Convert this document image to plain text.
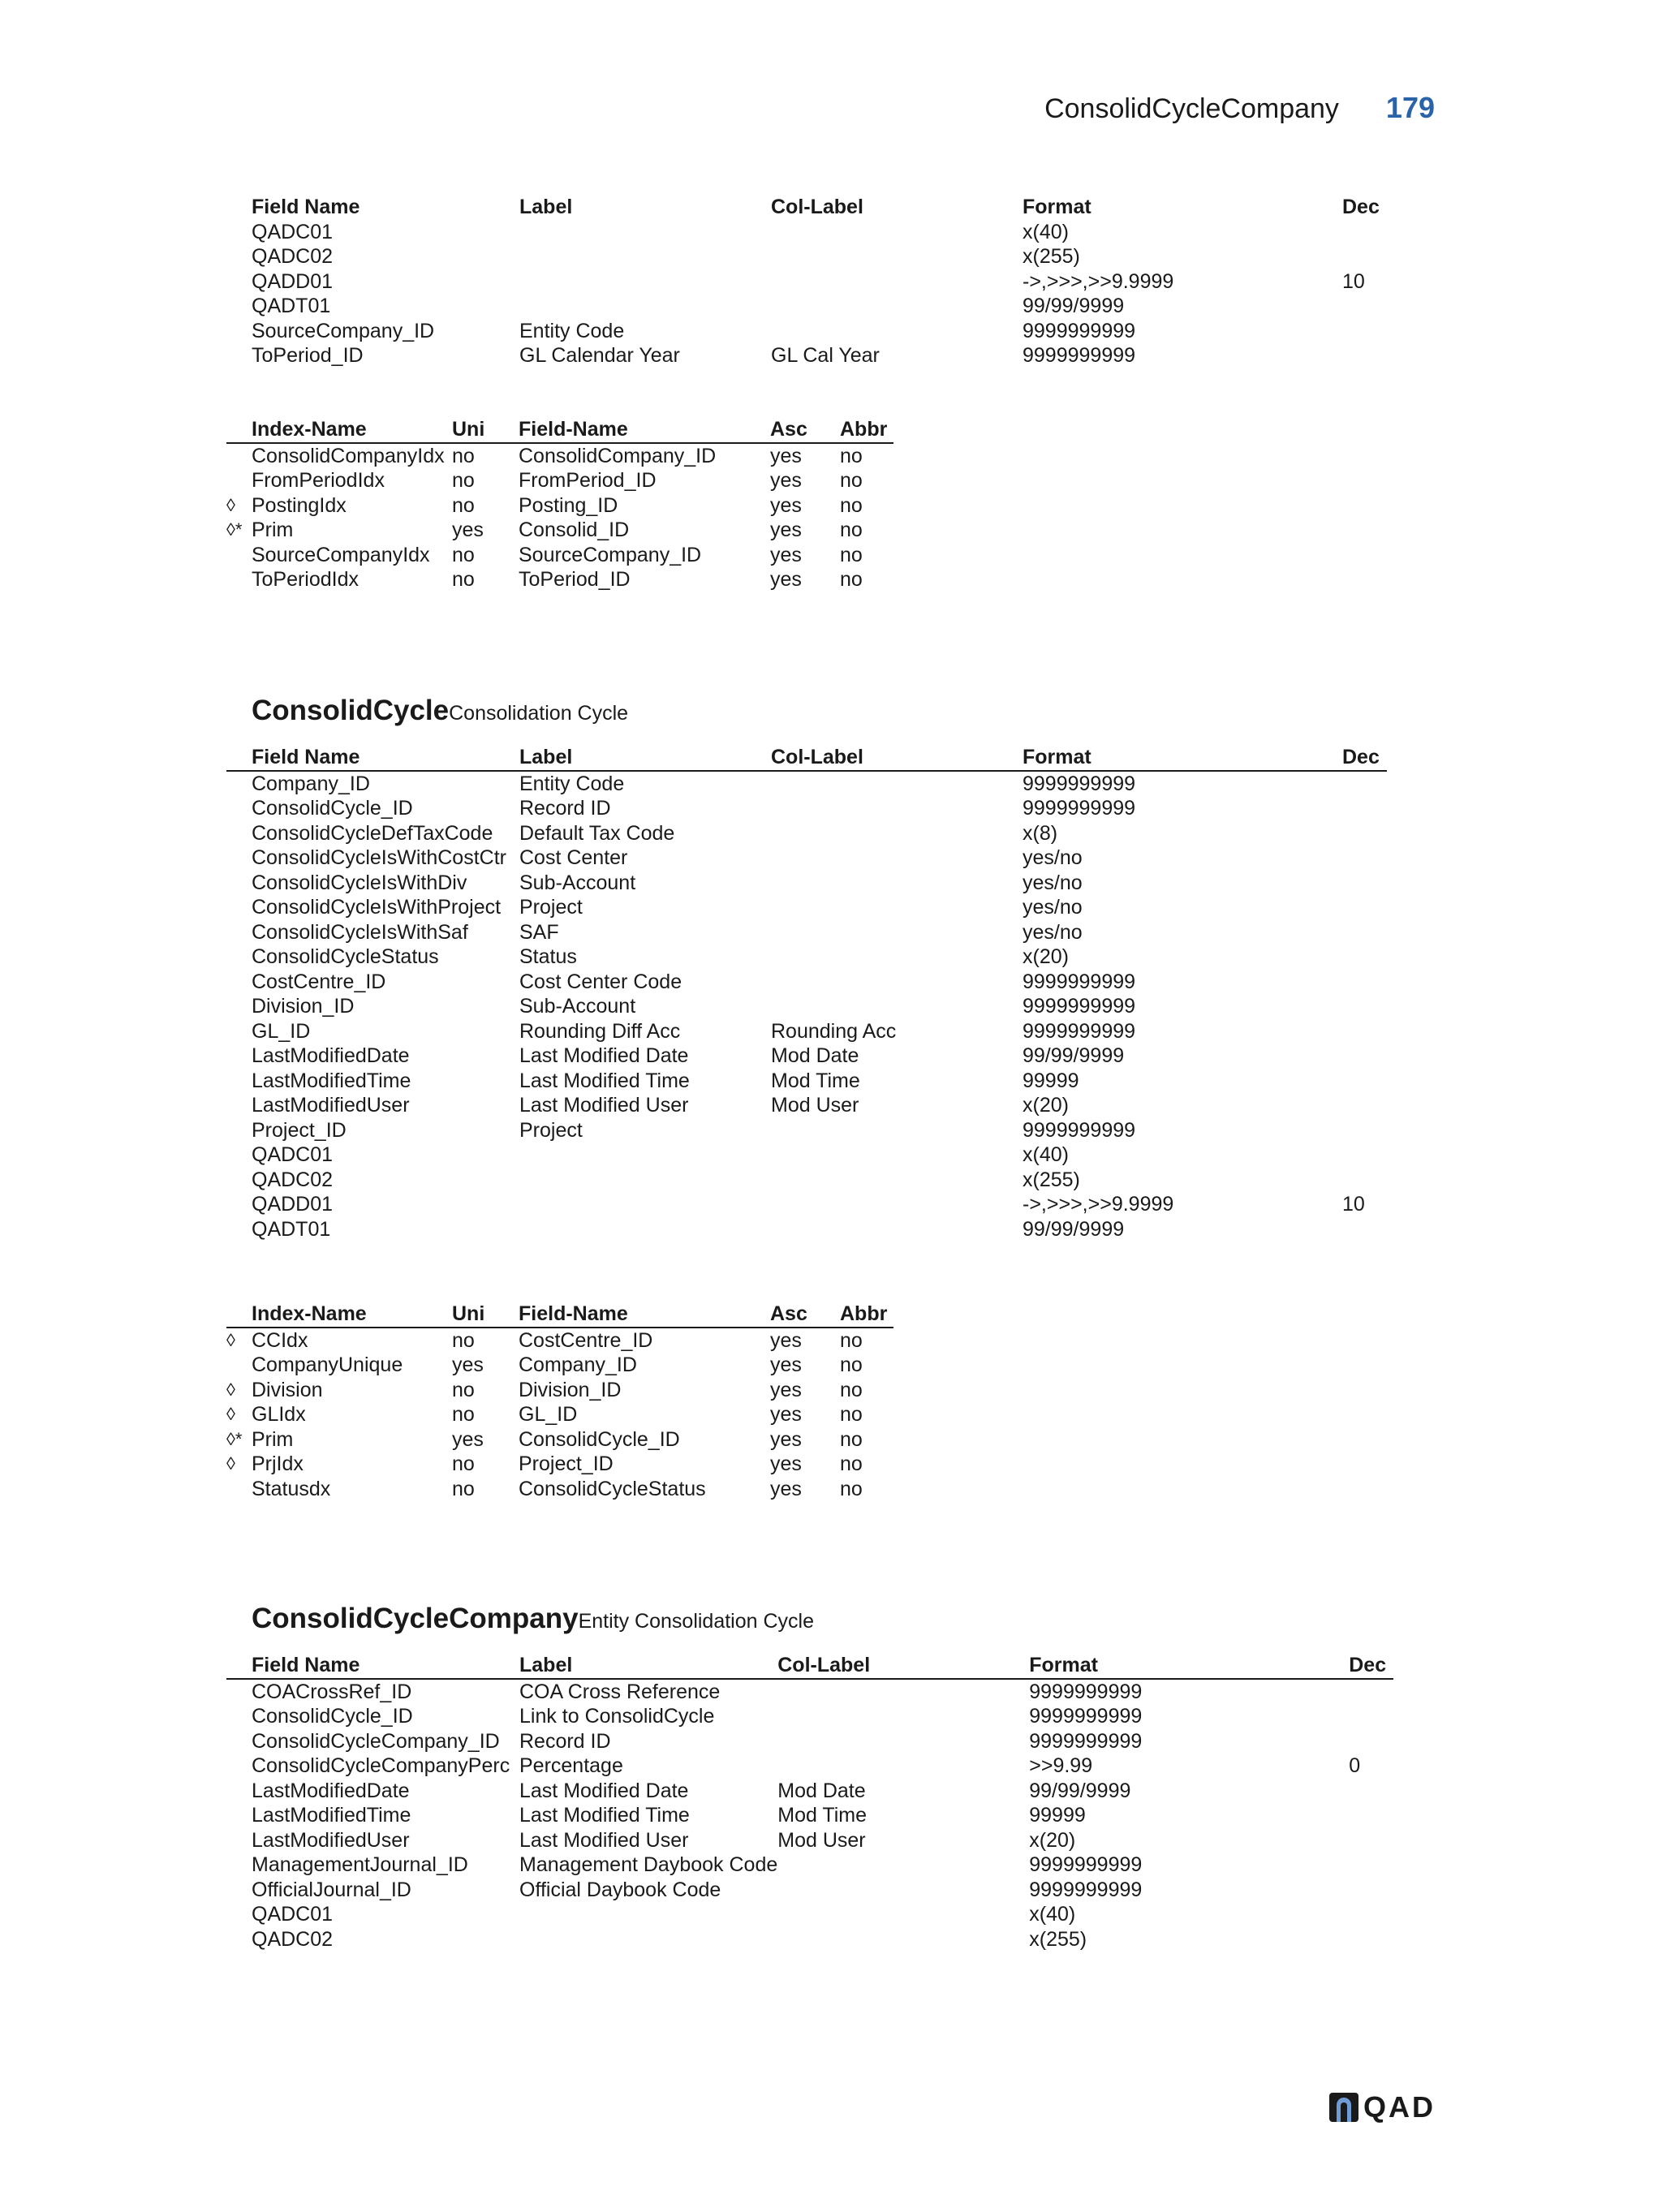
ConsolidCycleCompany 179
	Field Name	Label	Col-Label	Format	Dec
	QADC01			x(40)	
	QADC02			x(255)	
	QADD01			->,>>>,>>9.9999	10
	QADT01			99/99/9999	
	SourceCompany_ID	Entity Code		9999999999	
	ToPeriod_ID	GL Calendar Year	GL Cal Year	9999999999	
	Index-Name	Uni	Field-Name	Asc	Abbr
	ConsolidCompanyIdx	no	ConsolidCompany_ID	yes	no
	FromPeriodIdx	no	FromPeriod_ID	yes	no
◊	PostingIdx	no	Posting_ID	yes	no
◊*	Prim	yes	Consolid_ID	yes	no
	SourceCompanyIdx	no	SourceCompany_ID	yes	no
	ToPeriodIdx	no	ToPeriod_ID	yes	no
ConsolidCycleConsolidation Cycle
	Field Name	Label	Col-Label	Format	Dec
	Company_ID	Entity Code		9999999999	
	ConsolidCycle_ID	Record ID		9999999999	
	ConsolidCycleDefTaxCode	Default Tax Code		x(8)	
	ConsolidCycleIsWithCostCtr	Cost Center		yes/no	
	ConsolidCycleIsWithDiv	Sub-Account		yes/no	
	ConsolidCycleIsWithProject	Project		yes/no	
	ConsolidCycleIsWithSaf	SAF		yes/no	
	ConsolidCycleStatus	Status		x(20)	
	CostCentre_ID	Cost Center Code		9999999999	
	Division_ID	Sub-Account		9999999999	
	GL_ID	Rounding Diff Acc	Rounding Acc	9999999999	
	LastModifiedDate	Last Modified Date	Mod Date	99/99/9999	
	LastModifiedTime	Last Modified Time	Mod Time	99999	
	LastModifiedUser	Last Modified User	Mod User	x(20)	
	Project_ID	Project		9999999999	
	QADC01			x(40)	
	QADC02			x(255)	
	QADD01			->,>>>,>>9.9999	10
	QADT01			99/99/9999	
	Index-Name	Uni	Field-Name	Asc	Abbr
◊	CCIdx	no	CostCentre_ID	yes	no
	CompanyUnique	yes	Company_ID	yes	no
◊	Division	no	Division_ID	yes	no
◊	GLIdx	no	GL_ID	yes	no
◊*	Prim	yes	ConsolidCycle_ID	yes	no
◊	PrjIdx	no	Project_ID	yes	no
	Statusdx	no	ConsolidCycleStatus	yes	no
ConsolidCycleCompanyEntity Consolidation Cycle
	Field Name	Label	Col-Label	Format	Dec
	COACrossRef_ID	COA Cross Reference		9999999999	
	ConsolidCycle_ID	Link to ConsolidCycle		9999999999	
	ConsolidCycleCompany_ID	Record ID		9999999999	
	ConsolidCycleCompanyPerc	Percentage		>>9.99	0
	LastModifiedDate	Last Modified Date	Mod Date	99/99/9999	
	LastModifiedTime	Last Modified Time	Mod Time	99999	
	LastModifiedUser	Last Modified User	Mod User	x(20)	
	ManagementJournal_ID	Management Daybook Code		9999999999	
	OfficialJournal_ID	Official Daybook Code		9999999999	
	QADC01			x(40)	
	QADC02			x(255)	
QAD
